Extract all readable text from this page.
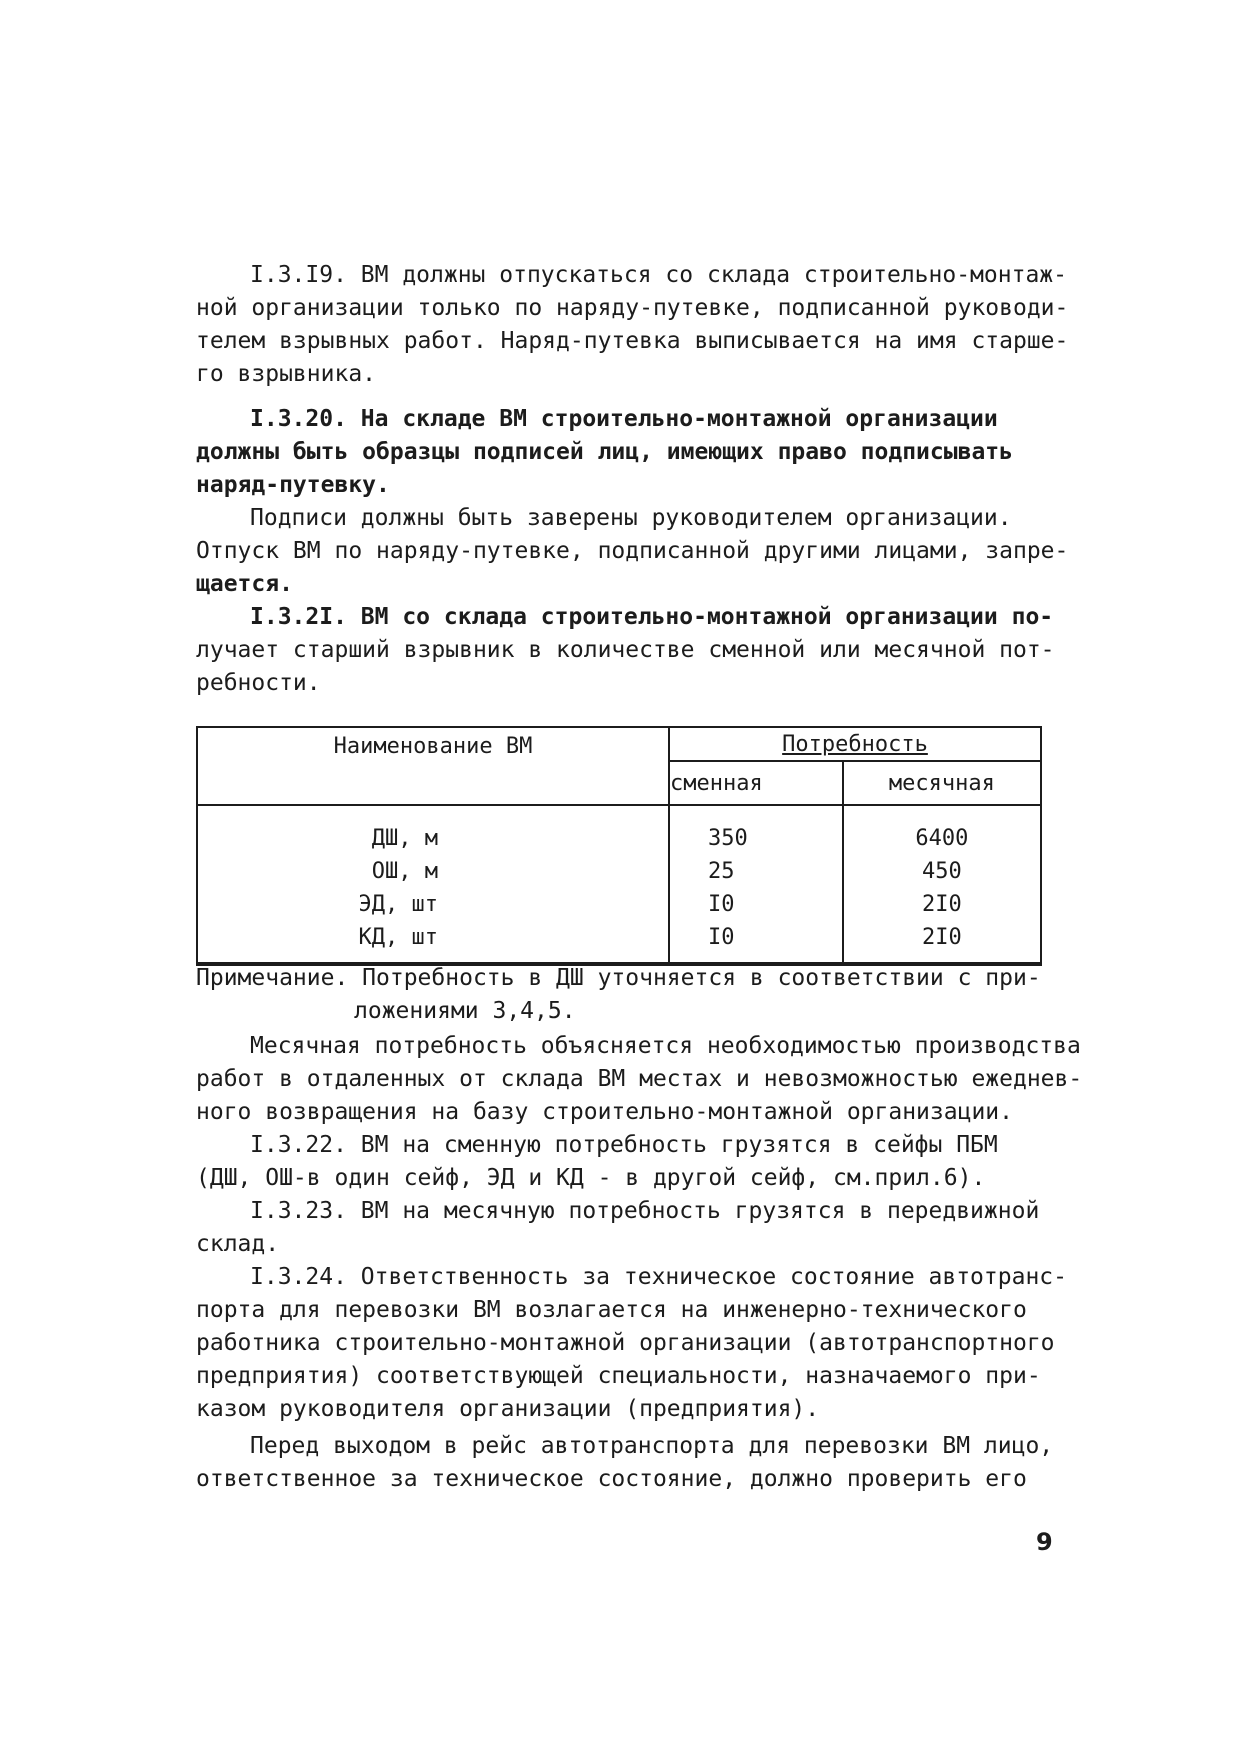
I.3.I9. ВМ должны отпускаться со склада строительно-монтаж-
ной организации только по наряду-путевке, подписанной руководи-
телем взрывных работ. Наряд-путевка выписывается на имя старше-
го взрывника.
I.3.20. На складе ВМ строительно-монтажной организации
должны быть образцы подписей лиц, имеющих право подписывать
наряд-путевку.
Подписи должны быть заверены руководителем организации.
Отпуск ВМ по наряду-путевке, подписанной другими лицами, запре-
щается.
I.3.2I. ВМ со склада строительно-монтажной организации по-
лучает старший взрывник в количестве сменной или месячной пот-
ребности.
Наименование ВМ	Потребность	
	сменная	месячная
ДШ, м	350	6400
ОШ, м	25	450
ЭД, шт	I0	2I0
КД, шт	I0	2I0
Примечание. Потребность в ДШ уточняется в соответствии с при-
ложениями 3,4,5.
Месячная потребность объясняется необходимостью производства
работ в отдаленных от склада ВМ местах и невозможностью ежеднев-
ного возвращения на базу строительно-монтажной организации.
I.3.22. ВМ на сменную потребность грузятся в сейфы ПБМ
(ДШ, ОШ-в один сейф, ЭД и КД - в другой сейф, см.прил.6).
I.3.23. ВМ на месячную потребность грузятся в передвижной
склад.
I.3.24. Ответственность за техническое состояние автотранс-
порта для перевозки ВМ возлагается на инженерно-технического
работника строительно-монтажной организации (автотранспортного
предприятия) соответствующей специальности, назначаемого при-
казом руководителя организации (предприятия).
Перед выходом в рейс автотранспорта для перевозки ВМ лицо,
ответственное за техническое состояние, должно проверить его
9
